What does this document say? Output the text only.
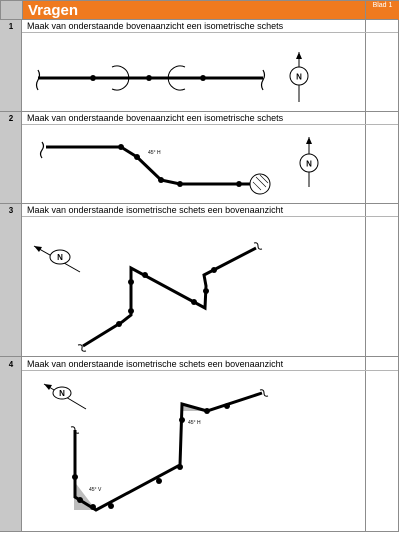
Vragen	Blad 1
1	Maak van onderstaande bovenaanzicht een isometrische schets
2	Maak van onderstaande bovenaanzicht een isometrische schets
3	Maak van onderstaande isometrische schets een bovenaanzicht
4	Maak van onderstaande isometrische schets een bovenaanzicht
N
45° H
N
N
N
45° V
45° H
